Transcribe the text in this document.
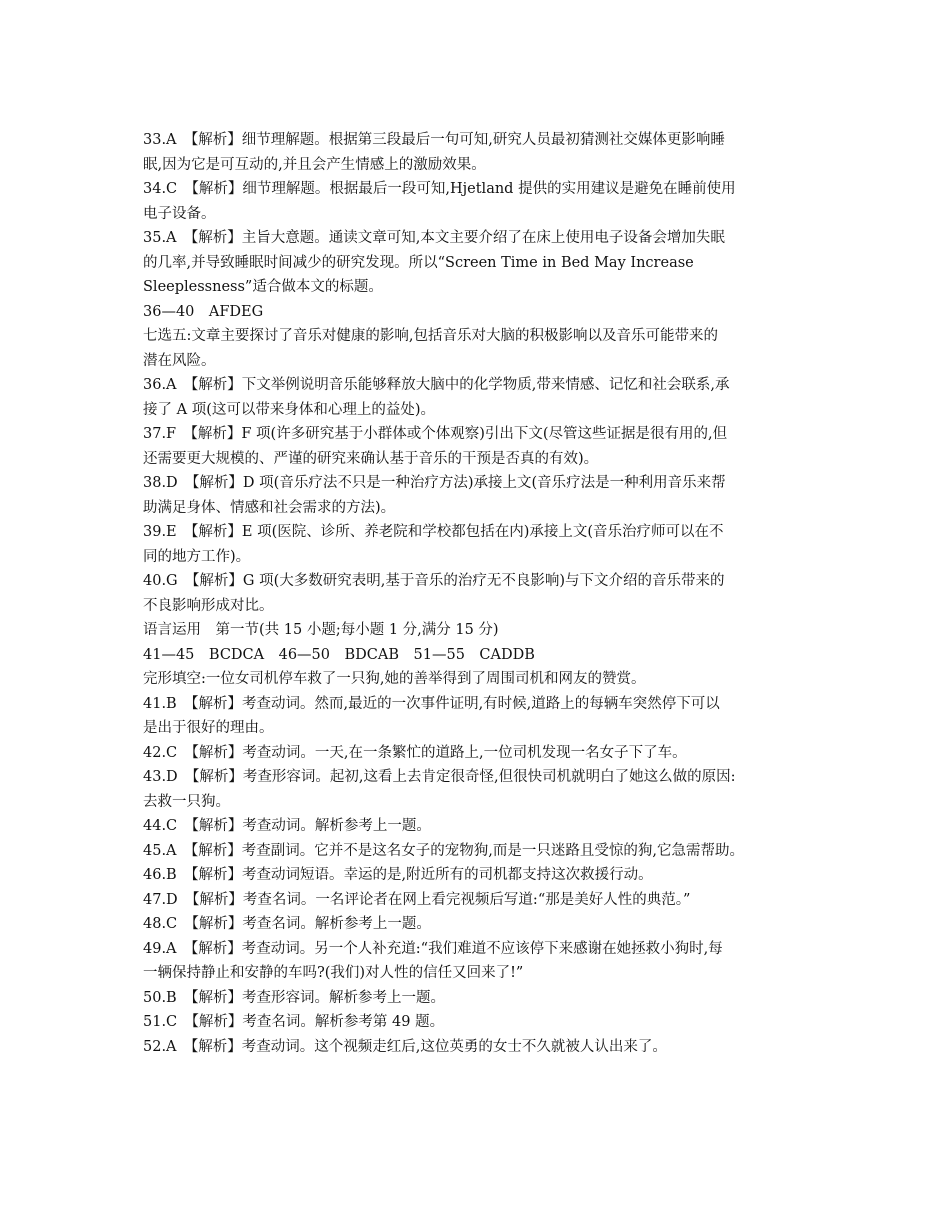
33.A　【解析】细节理解题。根据第三段最后一句可知,研究人员最初猜测社交媒体更影响睡
眠,因为它是可互动的,并且会产生情感上的激励效果。
34.C　【解析】细节理解题。根据最后一段可知,Hjetland 提供的实用建议是避免在睡前使用
电子设备。
35.A　【解析】主旨大意题。通读文章可知,本文主要介绍了在床上使用电子设备会增加失眠
的几率,并导致睡眠时间减少的研究发现。所以“Screen Time in Bed May Increase
Sleeplessness”适合做本文的标题。
36—40　AFDEG
七选五:文章主要探讨了音乐对健康的影响,包括音乐对大脑的积极影响以及音乐可能带来的
潜在风险。
36.A　【解析】下文举例说明音乐能够释放大脑中的化学物质,带来情感、记忆和社会联系,承
接了 A 项(这可以带来身体和心理上的益处)。
37.F　【解析】F 项(许多研究基于小群体或个体观察)引出下文(尽管这些证据是很有用的,但
还需要更大规模的、严谨的研究来确认基于音乐的干预是否真的有效)。
38.D　【解析】D 项(音乐疗法不只是一种治疗方法)承接上文(音乐疗法是一种利用音乐来帮
助满足身体、情感和社会需求的方法)。
39.E　【解析】E 项(医院、诊所、养老院和学校都包括在内)承接上文(音乐治疗师可以在不
同的地方工作)。
40.G　【解析】G 项(大多数研究表明,基于音乐的治疗无不良影响)与下文介绍的音乐带来的
不良影响形成对比。
语言运用　第一节(共 15 小题;每小题 1 分,满分 15 分)
41—45　BCDCA　46—50　BDCAB　51—55　CADDB
完形填空:一位女司机停车救了一只狗,她的善举得到了周围司机和网友的赞赏。
41.B　【解析】考查动词。然而,最近的一次事件证明,有时候,道路上的每辆车突然停下可以
是出于很好的理由。
42.C　【解析】考查动词。一天,在一条繁忙的道路上,一位司机发现一名女子下了车。
43.D　【解析】考查形容词。起初,这看上去肯定很奇怪,但很快司机就明白了她这么做的原因:
去救一只狗。
44.C　【解析】考查动词。解析参考上一题。
45.A　【解析】考查副词。它并不是这名女子的宠物狗,而是一只迷路且受惊的狗,它急需帮助。
46.B　【解析】考查动词短语。幸运的是,附近所有的司机都支持这次救援行动。
47.D　【解析】考查名词。一名评论者在网上看完视频后写道:“那是美好人性的典范。”
48.C　【解析】考查名词。解析参考上一题。
49.A　【解析】考查动词。另一个人补充道:“我们难道不应该停下来感谢在她拯救小狗时,每
一辆保持静止和安静的车吗?(我们)对人性的信任又回来了!”
50.B　【解析】考查形容词。解析参考上一题。
51.C　【解析】考查名词。解析参考第 49 题。
52.A　【解析】考查动词。这个视频走红后,这位英勇的女士不久就被人认出来了。
